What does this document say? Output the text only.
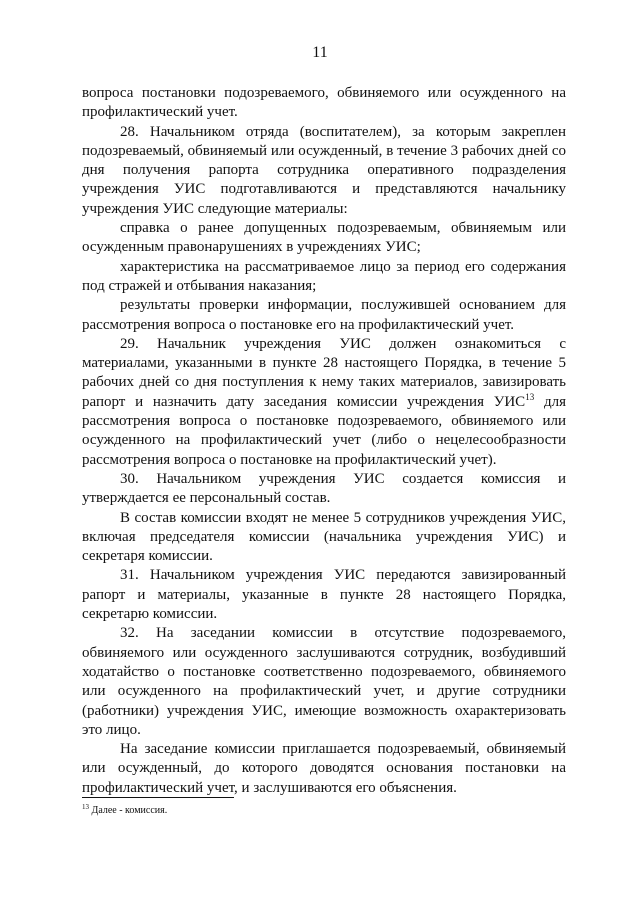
11

вопроса постановки подозреваемого, обвиняемого или осужденного на профилактический учет.

28. Начальником отряда (воспитателем), за которым закреплен подозреваемый, обвиняемый или осужденный, в течение 3 рабочих дней со дня получения рапорта сотрудника оперативного подразделения учреждения УИС подготавливаются и представляются начальнику учреждения УИС следующие материалы:

справка о ранее допущенных подозреваемым, обвиняемым или осужденным правонарушениях в учреждениях УИС;

характеристика на рассматриваемое лицо за период его содержания под стражей и отбывания наказания;

результаты проверки информации, послужившей основанием для рассмотрения вопроса о постановке его на профилактический учет.

29. Начальник учреждения УИС должен ознакомиться с материалами, указанными в пункте 28 настоящего Порядка, в течение 5 рабочих дней со дня поступления к нему таких материалов, завизировать рапорт и назначить дату заседания комиссии учреждения УИС$^{13}$ для рассмотрения вопроса о постановке подозреваемого, обвиняемого или осужденного на профилактический учет (либо о нецелесообразности рассмотрения вопроса о постановке на профилактический учет).

30. Начальником учреждения УИС создается комиссия и утверждается ее персональный состав.

В состав комиссии входят не менее 5 сотрудников учреждения УИС, включая председателя комиссии (начальника учреждения УИС) и секретаря комиссии.

31. Начальником учреждения УИС передаются завизированный рапорт и материалы, указанные в пункте 28 настоящего Порядка, секретарю комиссии.

32. На заседании комиссии в отсутствие подозреваемого, обвиняемого или осужденного заслушиваются сотрудник, возбудивший ходатайство о постановке соответственно подозреваемого, обвиняемого или осужденного на профилактический учет, и другие сотрудники (работники) учреждения УИС, имеющие возможность охарактеризовать это лицо.

На заседание комиссии приглашается подозреваемый, обвиняемый или осужденный, до которого доводятся основания постановки на профилактический учет, и заслушиваются его объяснения.

$^{13}$ Далее - комиссия.
